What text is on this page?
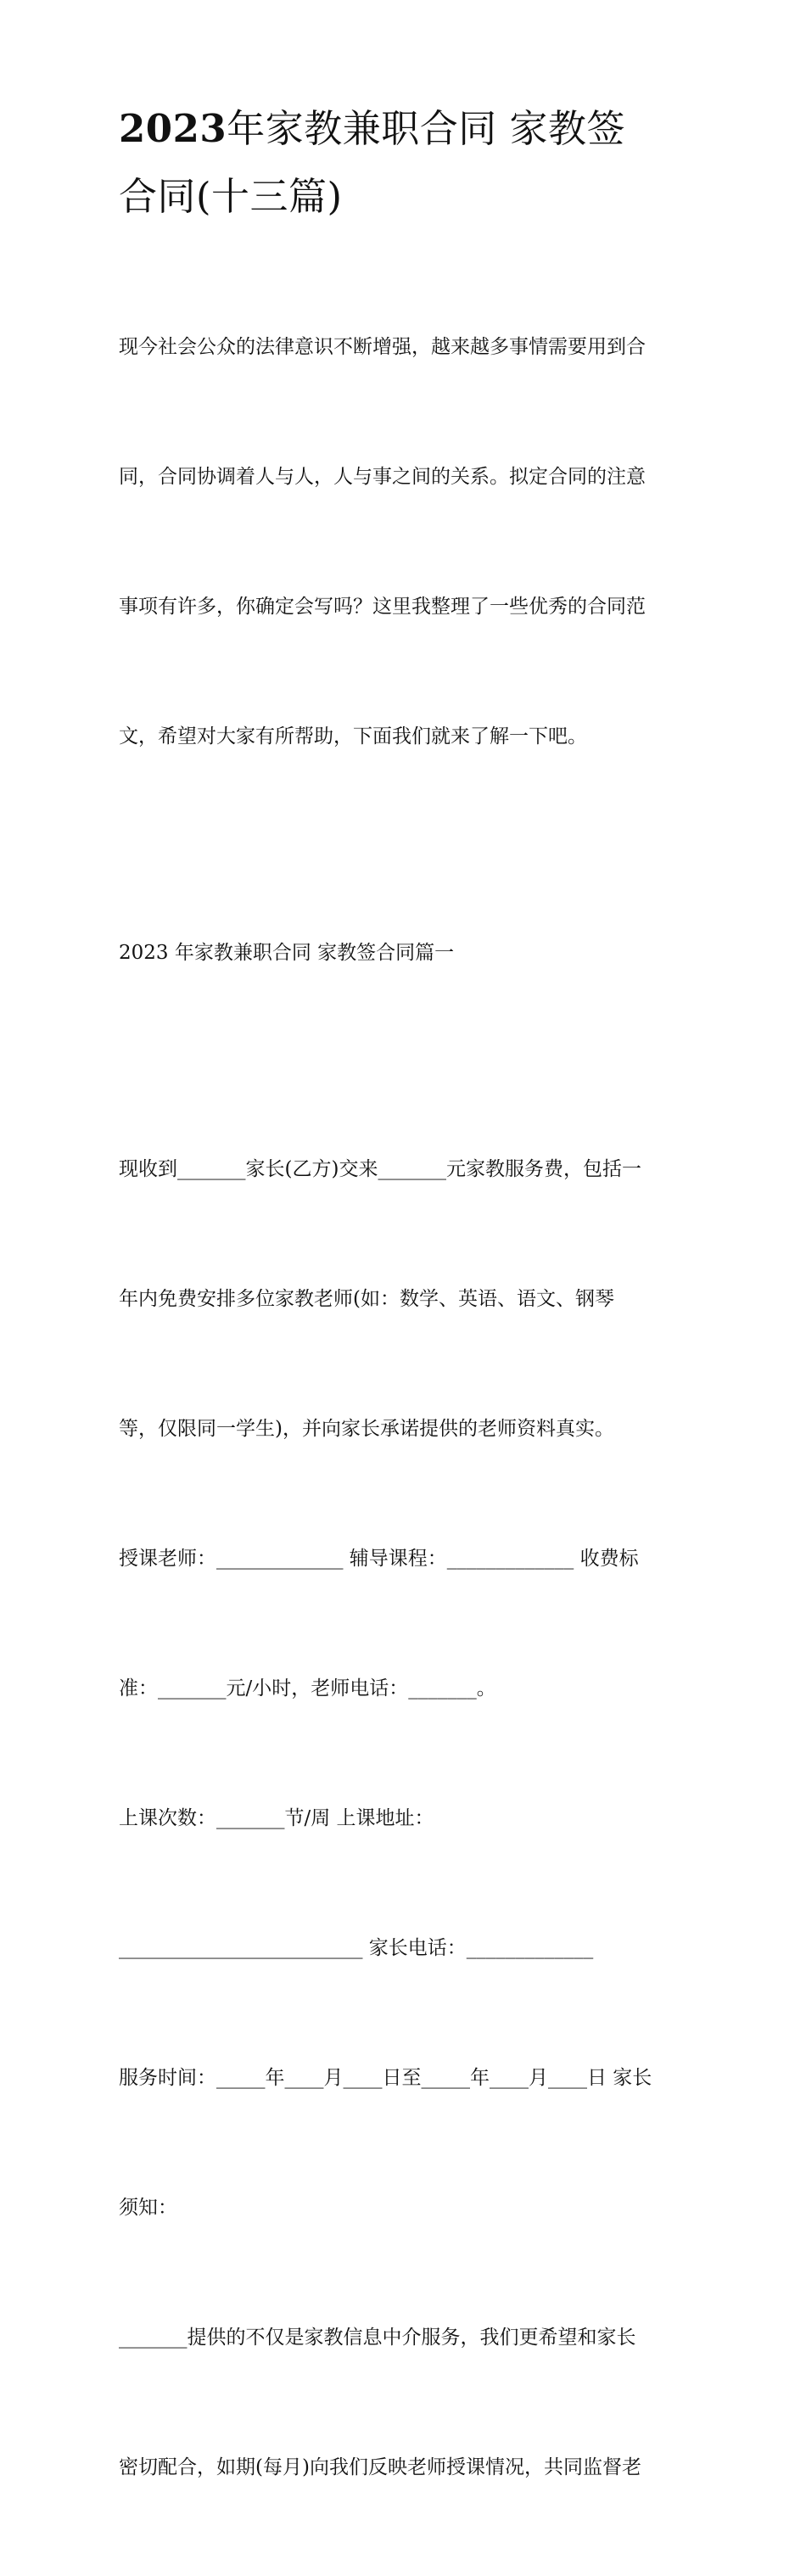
2023年家教兼职合同 家教签
合同(十三篇)

现今社会公众的法律意识不断增强，越来越多事情需要用到合

同，合同协调着人与人，人与事之间的关系。拟定合同的注意

事项有许多，你确定会写吗？这里我整理了一些优秀的合同范

文，希望对大家有所帮助，下面我们就来了解一下吧。

2023 年家教兼职合同 家教签合同篇一

现收到_______家长(乙方)交来_______元家教服务费，包括一

年内免费安排多位家教老师(如：数学、英语、语文、钢琴

等，仅限同一学生)，并向家长承诺提供的老师资料真实。

授课老师：_____________ 辅导课程：_____________ 收费标

准：_______元/小时，老师电话：_______。

上课次数：_______节/周 上课地址：

_________________________ 家长电话：_____________

服务时间：_____年____月____日至_____年____月____日 家长

须知：

_______提供的不仅是家教信息中介服务，我们更希望和家长

密切配合，如期(每月)向我们反映老师授课情况，共同监督老
